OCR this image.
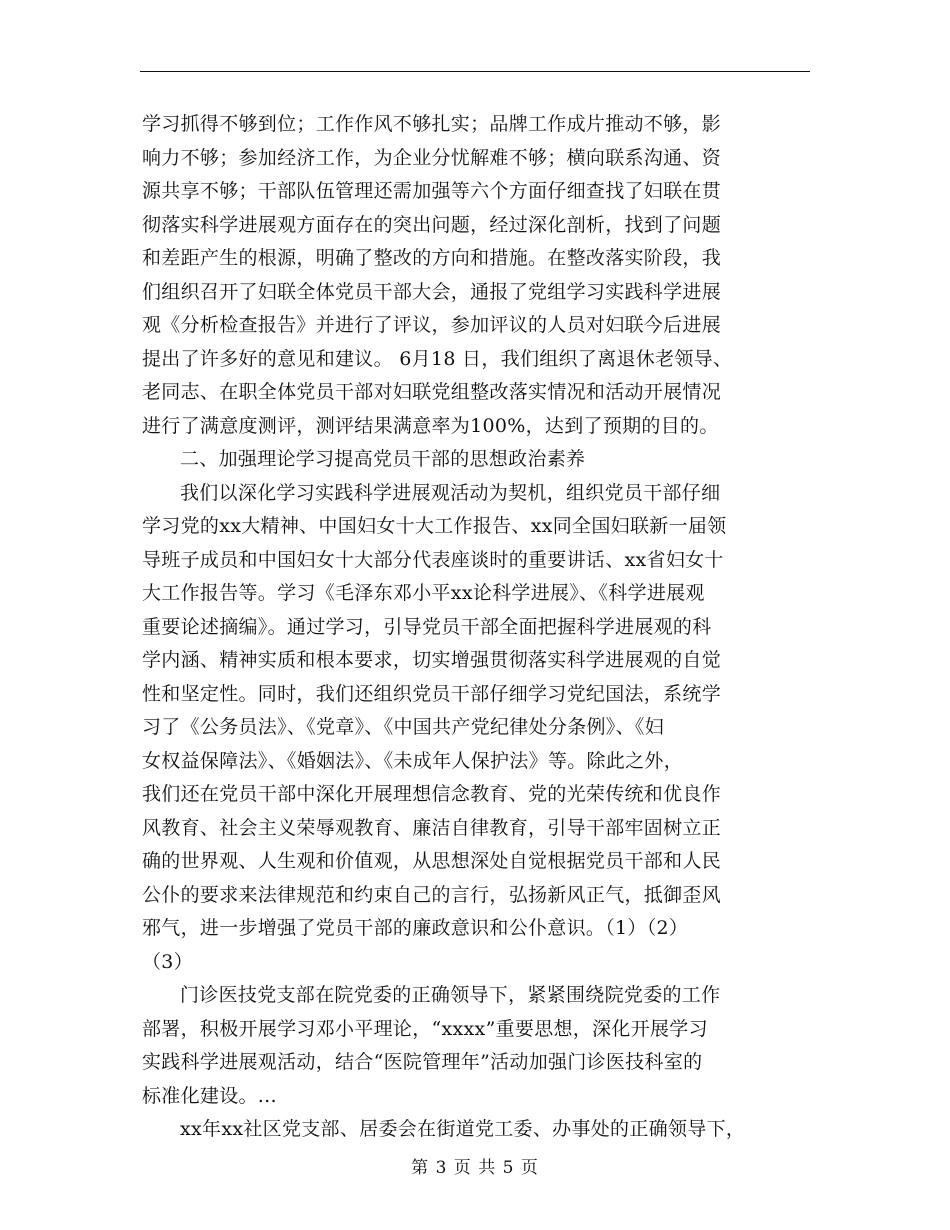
学习抓得不够到位；工作作风不够扎实；品牌工作成片推动不够，影
响力不够；参加经济工作，为企业分忧解难不够；横向联系沟通、资
源共享不够；干部队伍管理还需加强等六个方面仔细查找了妇联在贯
彻落实科学进展观方面存在的突出问题，经过深化剖析，找到了问题
和差距产生的根源，明确了整改的方向和措施。在整改落实阶段，我
们组织召开了妇联全体党员干部大会，通报了党组学习实践科学进展
观《分析检查报告》并进行了评议，参加评议的人员对妇联今后进展
提出了许多好的意见和建议。 6月18 日，我们组织了离退休老领导、
老同志、在职全体党员干部对妇联党组整改落实情况和活动开展情况
进行了满意度测评，测评结果满意率为100%，达到了预期的目的。
二、加强理论学习提高党员干部的思想政治素养
我们以深化学习实践科学进展观活动为契机，组织党员干部仔细
学习党的xx大精神、中国妇女十大工作报告、xx同全国妇联新一届领
导班子成员和中国妇女十大部分代表座谈时的重要讲话、xx省妇女十
大工作报告等。学习《毛泽东邓小平xx论科学进展》、《科学进展观
重要论述摘编》。通过学习，引导党员干部全面把握科学进展观的科
学内涵、精神实质和根本要求，切实增强贯彻落实科学进展观的自觉
性和坚定性。同时，我们还组织党员干部仔细学习党纪国法，系统学
习了《公务员法》、《党章》、《中国共产党纪律处分条例》、《妇
女权益保障法》、《婚姻法》、《未成年人保护法》等。除此之外，
我们还在党员干部中深化开展理想信念教育、党的光荣传统和优良作
风教育、社会主义荣辱观教育、廉洁自律教育，引导干部牢固树立正
确的世界观、人生观和价值观，从思想深处自觉根据党员干部和人民
公仆的要求来法律规范和约束自己的言行，弘扬新风正气，抵御歪风
邪气，进一步增强了党员干部的廉政意识和公仆意识。（1）（2）
（3）
门诊医技党支部在院党委的正确领导下，紧紧围绕院党委的工作
部署，积极开展学习邓小平理论，“xxxx”重要思想，深化开展学习
实践科学进展观活动，结合“医院管理年”活动加强门诊医技科室的
标准化建设。...
xx年xx社区党支部、居委会在街道党工委、办事处的正确领导下，
第 3 页 共 5 页
